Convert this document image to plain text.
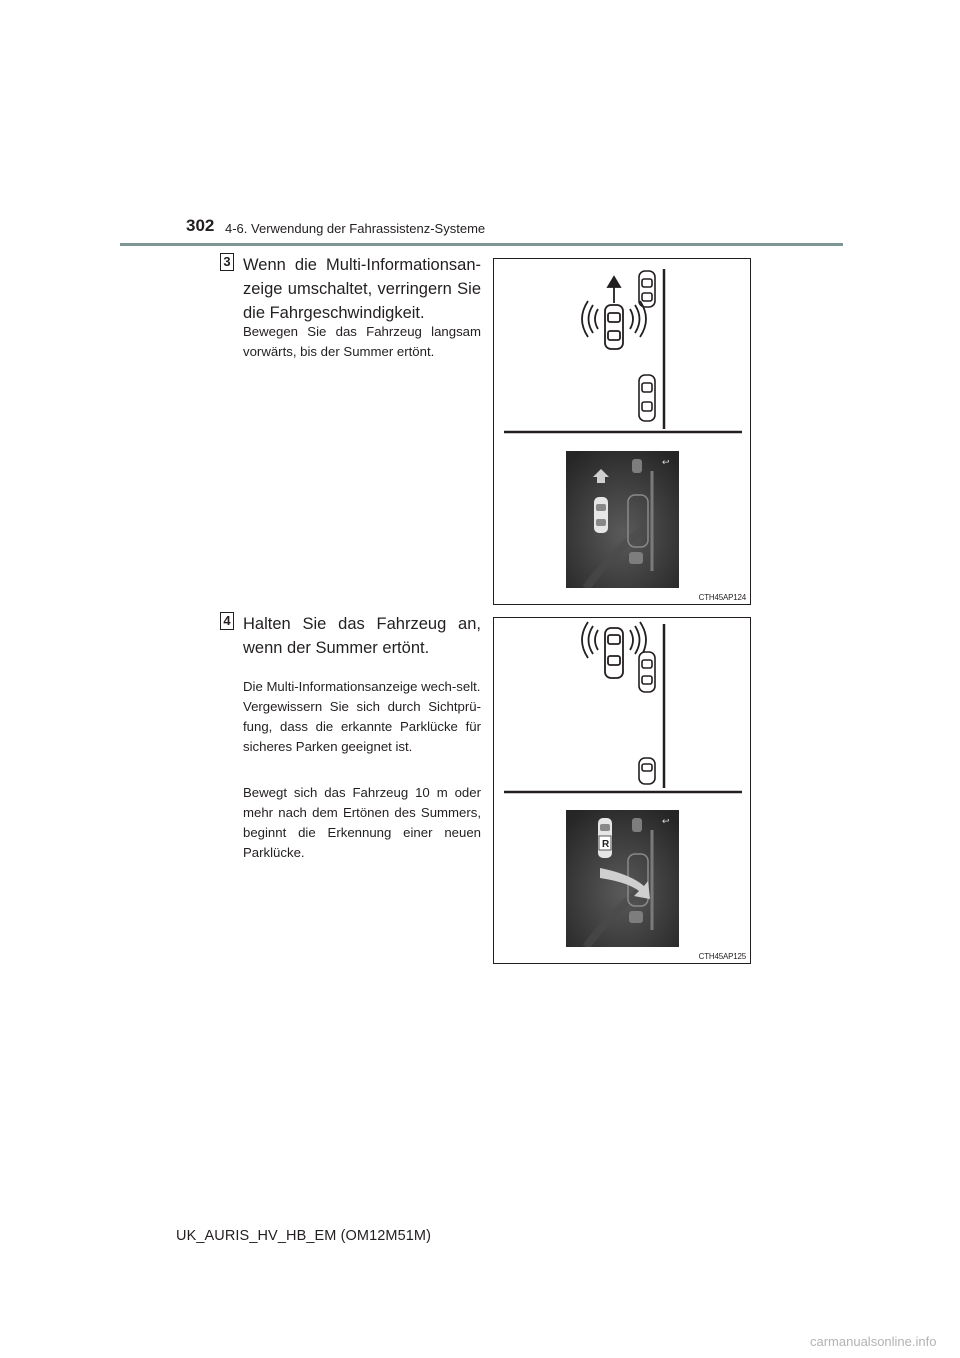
302 4-6. Verwendung der Fahrassistenz-Systeme
3 Wenn die Multi-Informationsan-zeige umschaltet, verringern Sie die Fahrgeschwindigkeit.

Bewegen Sie das Fahrzeug langsam vorwärts, bis der Summer ertönt.

↩
CTH45AP124
4 Halten Sie das Fahrzeug an, wenn der Summer ertönt.

Die Multi-Informationsanzeige wech-selt.
Vergewissern Sie sich durch Sichtprü-fung, dass die erkannte Parklücke für sicheres Parken geeignet ist.

Bewegt sich das Fahrzeug 10 m oder mehr nach dem Ertönen des Summers, beginnt die Erkennung einer neuen Parklücke.

↩
R
CTH45AP125
UK_AURIS_HV_HB_EM (OM12M51M)
carmanualsonline.info
